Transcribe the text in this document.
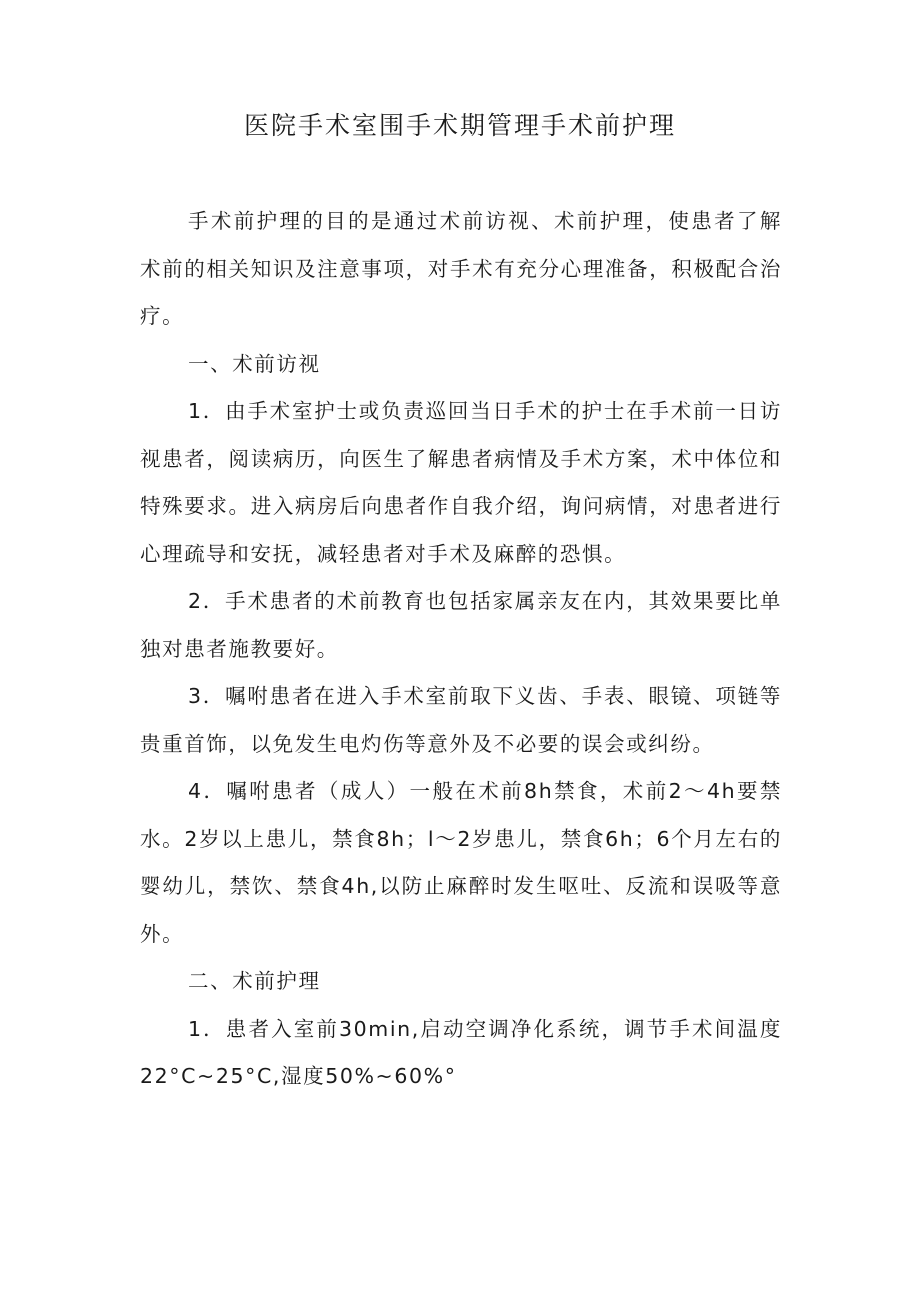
医院手术室围手术期管理手术前护理

手术前护理的目的是通过术前访视、术前护理，使患者了解术前的相关知识及注意事项，对手术有充分心理准备，积极配合治疗。

一、术前访视

1．由手术室护士或负责巡回当日手术的护士在手术前一日访视患者，阅读病历，向医生了解患者病情及手术方案，术中体位和特殊要求。进入病房后向患者作自我介绍，询问病情，对患者进行心理疏导和安抚，减轻患者对手术及麻醉的恐惧。

2．手术患者的术前教育也包括家属亲友在内，其效果要比单独对患者施教要好。

3．嘱咐患者在进入手术室前取下义齿、手表、眼镜、项链等贵重首饰，以免发生电灼伤等意外及不必要的误会或纠纷。

4．嘱咐患者（成人）一般在术前8h禁食，术前2～4h要禁水。2岁以上患儿，禁食8h；l～2岁患儿，禁食6h；6个月左右的婴幼儿，禁饮、禁食4h,以防止麻醉时发生呕吐、反流和误吸等意外。

二、术前护理

1．患者入室前30min,启动空调净化系统，调节手术间温度22°C~25°C,湿度50%~60%°
